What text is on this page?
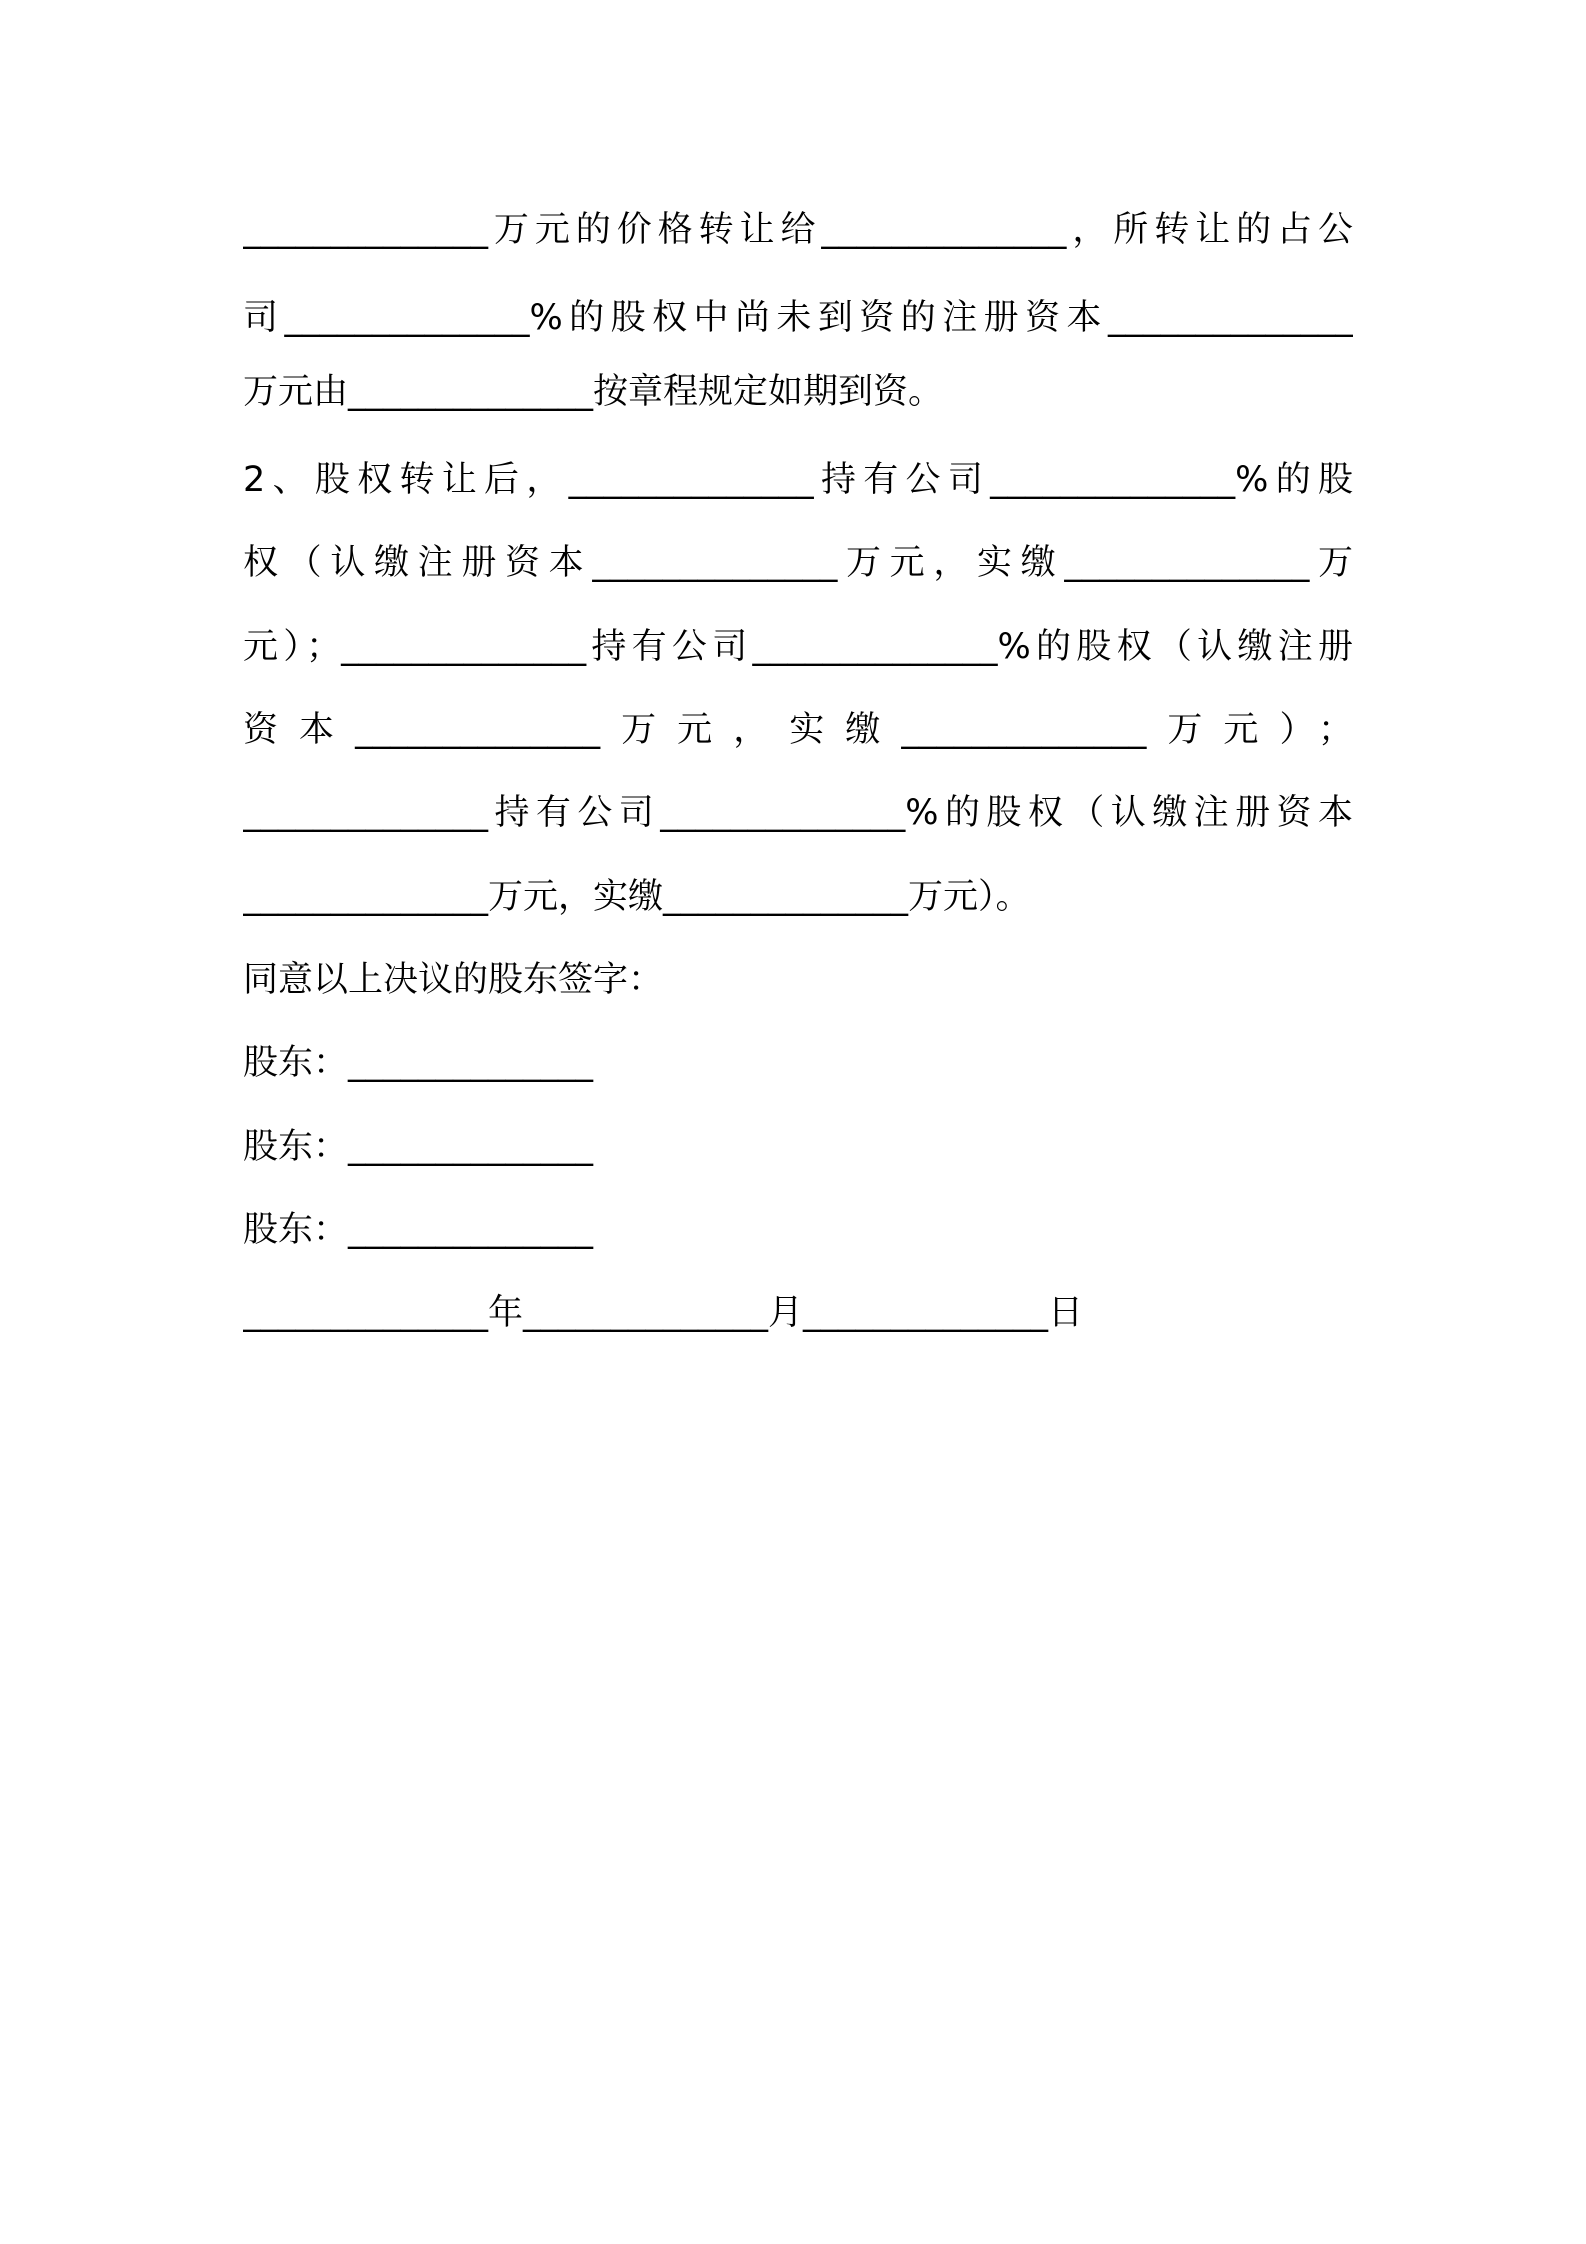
______________万元的价格转让给______________，所转让的占公
司______________%的股权中尚未到资的注册资本______________
万元由______________按章程规定如期到资。
2、股权转让后，______________持有公司______________%的股
权（认缴注册资本______________万元，实缴______________万
元）；______________持有公司______________%的股权（认缴注册
资本______________万元，实缴______________万元）；
______________持有公司______________%的股权（认缴注册资本
______________万元，实缴______________万元）。
同意以上决议的股东签字：
股东：______________
股东：______________
股东：______________
______________年______________月______________日
